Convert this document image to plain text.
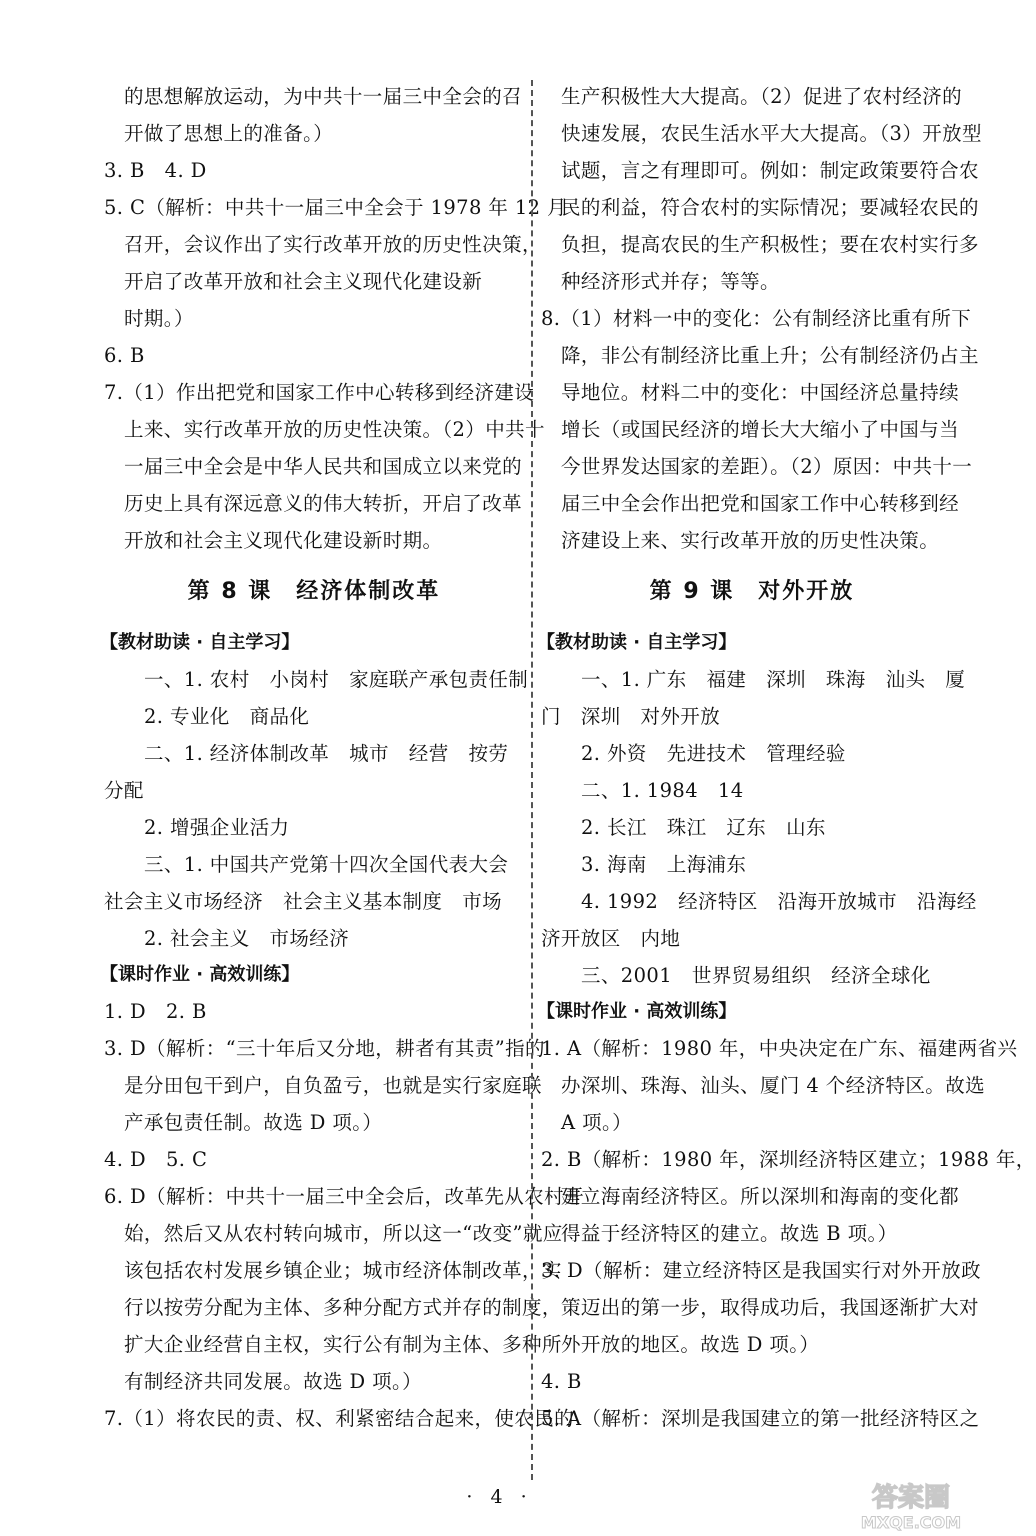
的思想解放运动，为中共十一届三中全会的召
开做了思想上的准备。）
3. B　4. D
5. C（解析：中共十一届三中全会于 1978 年 12 月
召开，会议作出了实行改革开放的历史性决策，
开启了改革开放和社会主义现代化建设新
时期。）
6. B
7.（1）作出把党和国家工作中心转移到经济建设
上来、实行改革开放的历史性决策。（2）中共十
一届三中全会是中华人民共和国成立以来党的
历史上具有深远意义的伟大转折，开启了改革
开放和社会主义现代化建设新时期。
第 8 课　经济体制改革
【教材助读 · 自主学习】
一、1. 农村　小岗村　家庭联产承包责任制
2. 专业化　商品化
二、1. 经济体制改革　城市　经营　按劳
分配
2. 增强企业活力
三、1. 中国共产党第十四次全国代表大会
社会主义市场经济　社会主义基本制度　市场
2. 社会主义　市场经济
【课时作业 · 高效训练】
1. D　2. B
3. D（解析：“三十年后又分地，耕者有其责”指的
是分田包干到户，自负盈亏，也就是实行家庭联
产承包责任制。故选 D 项。）
4. D　5. C
6. D（解析：中共十一届三中全会后，改革先从农村开
始，然后又从农村转向城市，所以这一“改变”就应
该包括农村发展乡镇企业；城市经济体制改革，实
行以按劳分配为主体、多种分配方式并存的制度，
扩大企业经营自主权，实行公有制为主体、多种所
有制经济共同发展。故选 D 项。）
7.（1）将农民的责、权、利紧密结合起来，使农民的
生产积极性大大提高。（2）促进了农村经济的
快速发展，农民生活水平大大提高。（3）开放型
试题，言之有理即可。例如：制定政策要符合农
民的利益，符合农村的实际情况；要减轻农民的
负担，提高农民的生产积极性；要在农村实行多
种经济形式并存；等等。
8.（1）材料一中的变化：公有制经济比重有所下
降，非公有制经济比重上升；公有制经济仍占主
导地位。材料二中的变化：中国经济总量持续
增长（或国民经济的增长大大缩小了中国与当
今世界发达国家的差距）。（2）原因：中共十一
届三中全会作出把党和国家工作中心转移到经
济建设上来、实行改革开放的历史性决策。
第 9 课　对外开放
【教材助读 · 自主学习】
一、1. 广东　福建　深圳　珠海　汕头　厦
门　深圳　对外开放
2. 外资　先进技术　管理经验
二、1. 1984　14
2. 长江　珠江　辽东　山东
3. 海南　上海浦东
4. 1992　经济特区　沿海开放城市　沿海经
济开放区　内地
三、2001　世界贸易组织　经济全球化
【课时作业 · 高效训练】
1. A（解析：1980 年，中央决定在广东、福建两省兴
办深圳、珠海、汕头、厦门 4 个经济特区。故选
A 项。）
2. B（解析：1980 年，深圳经济特区建立；1988 年，
建立海南经济特区。所以深圳和海南的变化都
得益于经济特区的建立。故选 B 项。）
3. D（解析：建立经济特区是我国实行对外开放政
策迈出的第一步，取得成功后，我国逐渐扩大对
外开放的地区。故选 D 项。）
4. B
5. A（解析：深圳是我国建立的第一批经济特区之
· 4 ·	答案圈
MXQE.COM
